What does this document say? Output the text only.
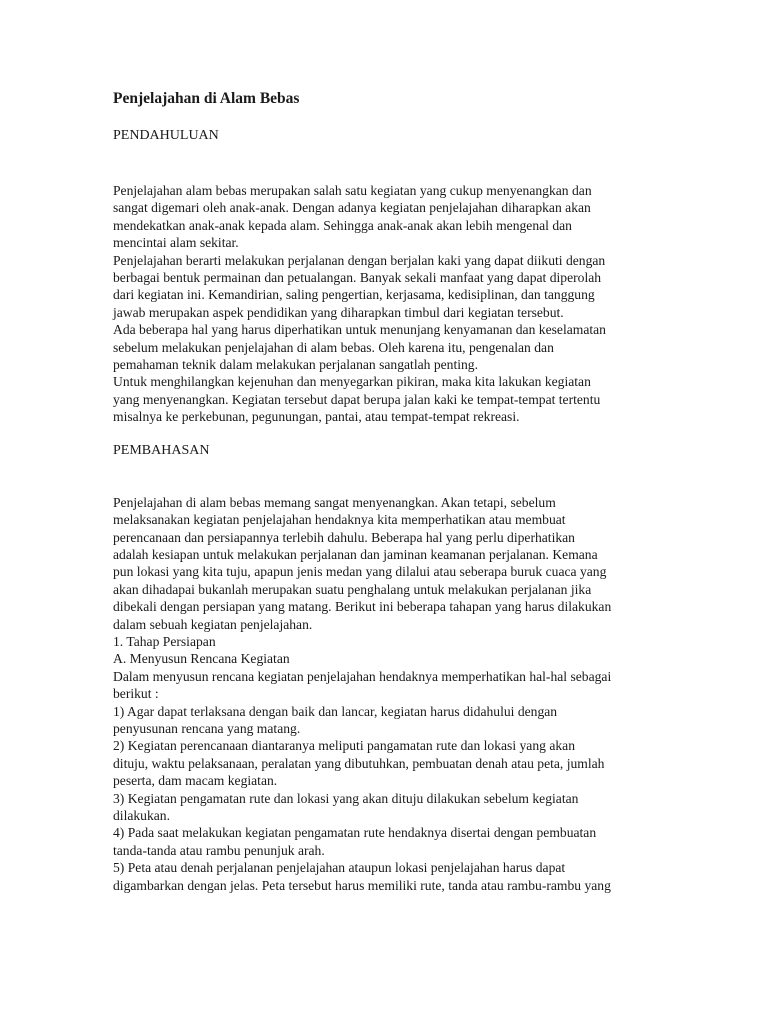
Penjelajahan di Alam Bebas
PENDAHULUAN
Penjelajahan alam bebas merupakan salah satu kegiatan yang cukup menyenangkan dan
sangat digemari oleh anak-anak. Dengan adanya kegiatan penjelajahan diharapkan akan
mendekatkan anak-anak kepada alam. Sehingga anak-anak akan lebih mengenal dan
mencintai alam sekitar.
Penjelajahan berarti melakukan perjalanan dengan berjalan kaki yang dapat diikuti dengan
berbagai bentuk permainan dan petualangan. Banyak sekali manfaat yang dapat diperolah
dari kegiatan ini. Kemandirian, saling pengertian, kerjasama, kedisiplinan, dan tanggung
jawab merupakan aspek pendidikan yang diharapkan timbul dari kegiatan tersebut.
Ada beberapa hal yang harus diperhatikan untuk menunjang kenyamanan dan keselamatan
sebelum melakukan penjelajahan di alam bebas. Oleh karena itu, pengenalan dan
pemahaman teknik dalam melakukan perjalanan sangatlah penting.
Untuk menghilangkan kejenuhan dan menyegarkan pikiran, maka kita lakukan kegiatan
yang menyenangkan. Kegiatan tersebut dapat berupa jalan kaki ke tempat-tempat tertentu
misalnya ke perkebunan, pegunungan, pantai, atau tempat-tempat rekreasi.
PEMBAHASAN
Penjelajahan di alam bebas memang sangat menyenangkan. Akan tetapi, sebelum
melaksanakan kegiatan penjelajahan hendaknya kita memperhatikan atau membuat
perencanaan dan persiapannya terlebih dahulu. Beberapa hal yang perlu diperhatikan
adalah kesiapan untuk melakukan perjalanan dan jaminan keamanan perjalanan. Kemana
pun lokasi yang kita tuju, apapun jenis medan yang dilalui atau seberapa buruk cuaca yang
akan dihadapai bukanlah merupakan suatu penghalang untuk melakukan perjalanan jika
dibekali dengan persiapan yang matang. Berikut ini beberapa tahapan yang harus dilakukan
dalam sebuah kegiatan penjelajahan.
1. Tahap Persiapan
A. Menyusun Rencana Kegiatan
Dalam menyusun rencana kegiatan penjelajahan hendaknya memperhatikan hal-hal sebagai
berikut :
1) Agar dapat terlaksana dengan baik dan lancar, kegiatan harus didahului dengan
penyusunan rencana yang matang.
2) Kegiatan perencanaan diantaranya meliputi pangamatan rute dan lokasi yang akan
dituju, waktu pelaksanaan, peralatan yang dibutuhkan, pembuatan denah atau peta, jumlah
peserta, dam macam kegiatan.
3) Kegiatan pengamatan rute dan lokasi yang akan dituju dilakukan sebelum kegiatan
dilakukan.
4) Pada saat melakukan kegiatan pengamatan rute hendaknya disertai dengan pembuatan
tanda-tanda atau rambu penunjuk arah.
5) Peta atau denah perjalanan penjelajahan ataupun lokasi penjelajahan harus dapat
digambarkan dengan jelas. Peta tersebut harus memiliki rute, tanda atau rambu-rambu yang
